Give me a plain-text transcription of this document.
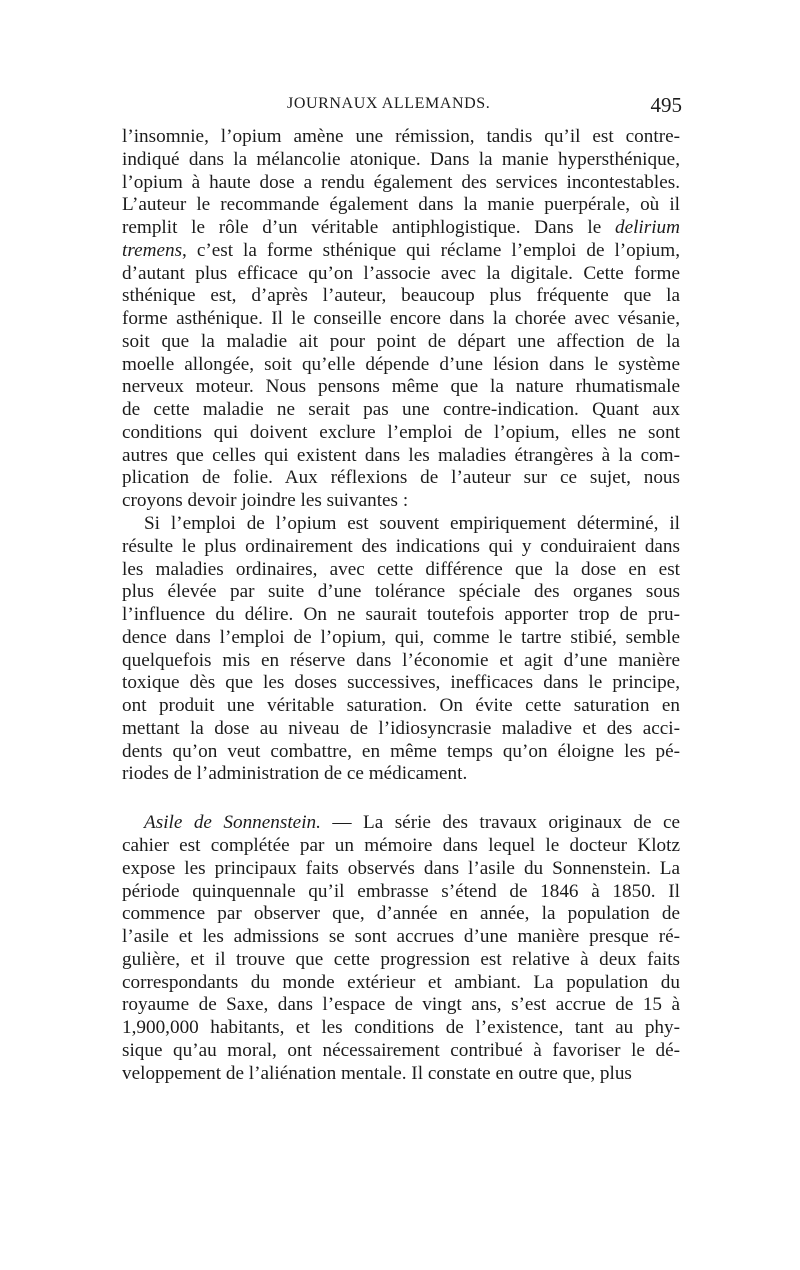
JOURNAUX ALLEMANDS.	495
l’insomnie, l’opium amène une rémission, tandis qu’il est contre-
indiqué dans la mélancolie atonique. Dans la manie hypersthénique,
l’opium à haute dose a rendu également des services incontestables.
L’auteur le recommande également dans la manie puerpérale, où il
remplit le rôle d’un véritable antiphlogistique. Dans le delirium
tremens, c’est la forme sthénique qui réclame l’emploi de l’opium,
d’autant plus efficace qu’on l’associe avec la digitale. Cette forme
sthénique est, d’après l’auteur, beaucoup plus fréquente que la
forme asthénique. Il le conseille encore dans la chorée avec vésanie,
soit que la maladie ait pour point de départ une affection de la
moelle allongée, soit qu’elle dépende d’une lésion dans le système
nerveux moteur. Nous pensons même que la nature rhumatismale
de cette maladie ne serait pas une contre-indication. Quant aux
conditions qui doivent exclure l’emploi de l’opium, elles ne sont
autres que celles qui existent dans les maladies étrangères à la com-
plication de folie. Aux réflexions de l’auteur sur ce sujet, nous
croyons devoir joindre les suivantes :
Si l’emploi de l’opium est souvent empiriquement déterminé, il
résulte le plus ordinairement des indications qui y conduiraient dans
les maladies ordinaires, avec cette différence que la dose en est
plus élevée par suite d’une tolérance spéciale des organes sous
l’influence du délire. On ne saurait toutefois apporter trop de pru-
dence dans l’emploi de l’opium, qui, comme le tartre stibié, semble
quelquefois mis en réserve dans l’économie et agit d’une manière
toxique dès que les doses successives, inefficaces dans le principe,
ont produit une véritable saturation. On évite cette saturation en
mettant la dose au niveau de l’idiosyncrasie maladive et des acci-
dents qu’on veut combattre, en même temps qu’on éloigne les pé-
riodes de l’administration de ce médicament.
Asile de Sonnenstein. — La série des travaux originaux de ce
cahier est complétée par un mémoire dans lequel le docteur Klotz
expose les principaux faits observés dans l’asile du Sonnenstein. La
période quinquennale qu’il embrasse s’étend de 1846 à 1850. Il
commence par observer que, d’année en année, la population de
l’asile et les admissions se sont accrues d’une manière presque ré-
gulière, et il trouve que cette progression est relative à deux faits
correspondants du monde extérieur et ambiant. La population du
royaume de Saxe, dans l’espace de vingt ans, s’est accrue de 15 à
1,900,000 habitants, et les conditions de l’existence, tant au phy-
sique qu’au moral, ont nécessairement contribué à favoriser le dé-
veloppement de l’aliénation mentale. Il constate en outre que, plus
